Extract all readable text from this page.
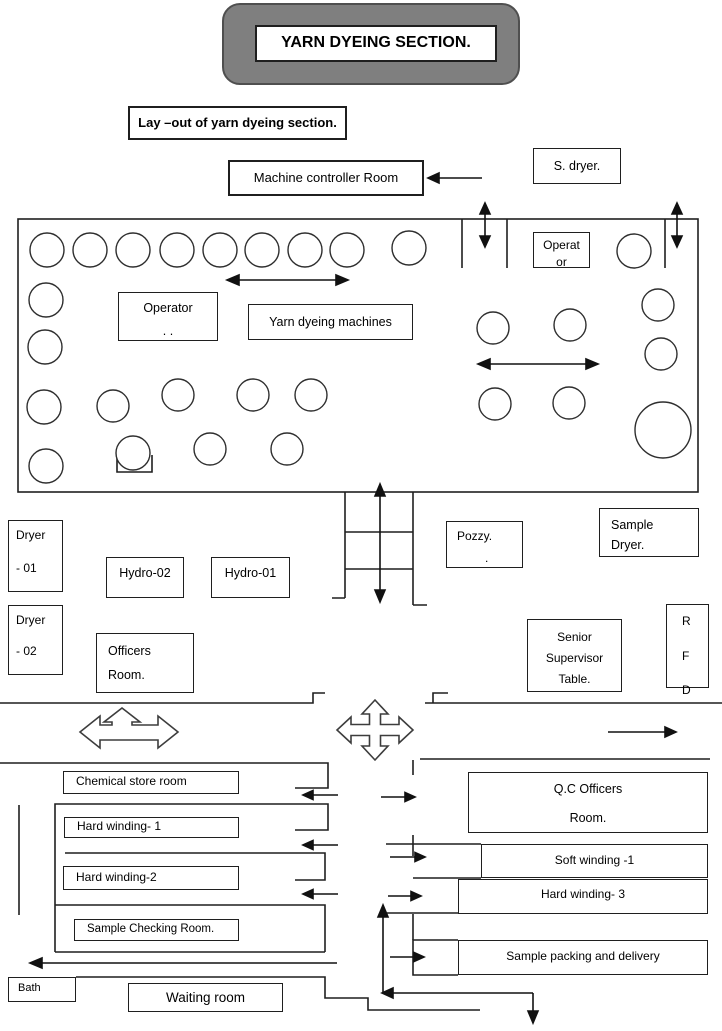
YARN DYEING SECTION.
Lay –out of yarn dyeing section.
Machine controller Room
S. dryer.
Operat
or
Operator
. .
Yarn dyeing machines
Dryer
- 01	Hydro-02	Hydro-01
Pozzy.
.
Sample
Dryer.
Dryer
- 02	Officers
Room.
Senior
Supervisor
Table.
R
F
D
Chemical store room
Hard winding- 1
Hard winding-2
Sample Checking Room.
Bath
Waiting room
Q.C Officers
Room.
Soft winding -1
Hard winding- 3
Sample packing and delivery
